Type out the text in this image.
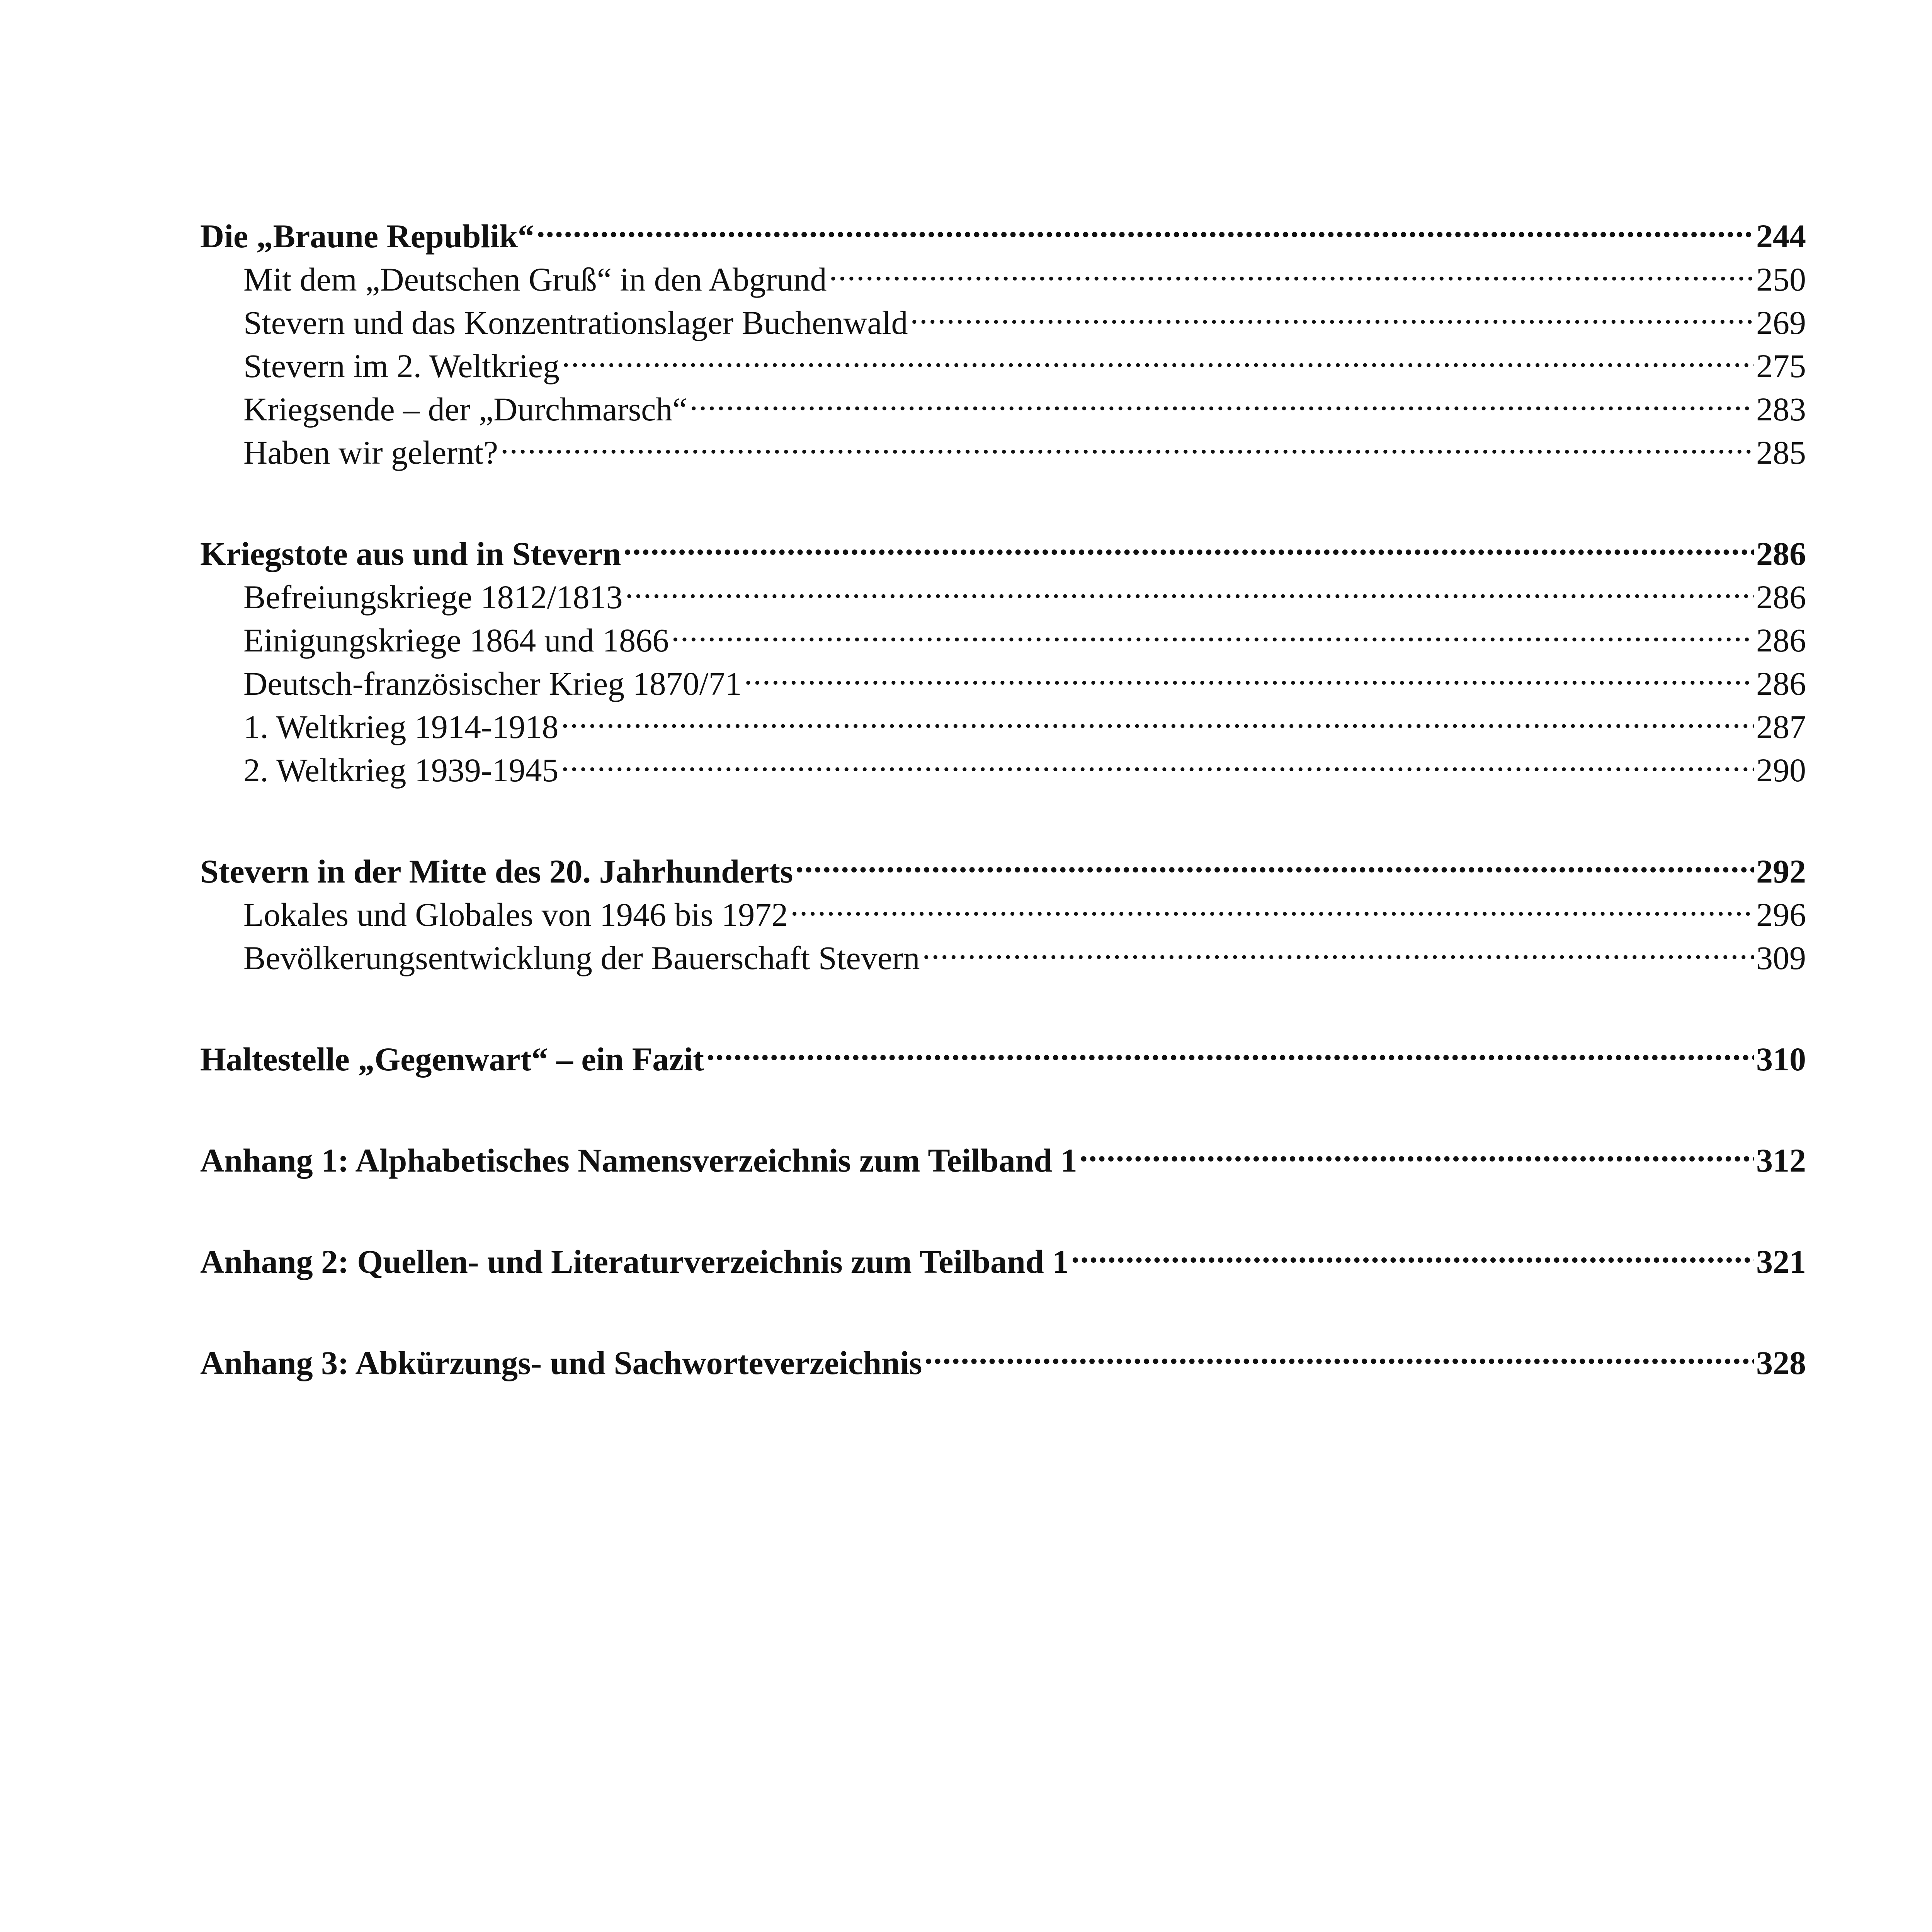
Die „Braune Republik“ .....	244
Mit dem „Deutschen Gruß“ in den Abgrund .....	250
Stevern und das Konzentrationslager Buchenwald .....	269
Stevern im 2. Weltkrieg .....	275
Kriegsende – der „Durchmarsch“ .....	283
Haben wir gelernt? .....	285
Kriegstote aus und in Stevern .....	286
Befreiungskriege 1812/1813 .....	286
Einigungskriege 1864 und 1866 .....	286
Deutsch-französischer Krieg 1870/71 .....	286
1. Weltkrieg 1914-1918 .....	287
2. Weltkrieg 1939-1945 .....	290
Stevern in der Mitte des 20. Jahrhunderts .....	292
Lokales und Globales von 1946 bis 1972 .....	296
Bevölkerungsentwicklung der Bauerschaft Stevern .....	309
Haltestelle „Gegenwart“ – ein Fazit .....	310
Anhang 1: Alphabetisches Namensverzeichnis zum Teilband 1 .....	312
Anhang 2: Quellen- und Literaturverzeichnis zum Teilband 1 .....	321
Anhang 3: Abkürzungs- und Sachworteverzeichnis .....	328
